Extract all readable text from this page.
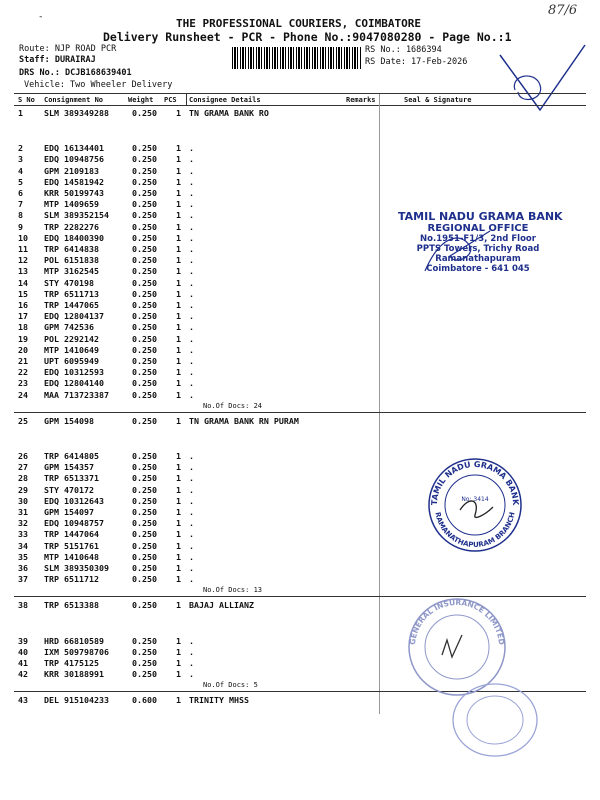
-	THE PROFESSIONAL COURIERS, COIMBATORE
Delivery Runsheet - PCR - Phone No.:9047080280 - Page No.:1
Route: NJP ROAD PCR
Staff: DURAIRAJ
DRS No.: DCJB168639401
Vehicle: Two Wheeler Delivery
RS No.: 1686394
RS Date: 17-Feb-2026
87/6
S No Consignment No	Weight PCS Consignee Details	Remarks	Seal & Signature
1	SLM 389349288	0.250 1 TN GRAMA BANK RO
2	EDQ 16134401	0.250 1 .
3	EDQ 10948756	0.250 1 .
4	GPM 2109183	0.250 1 .
5	EDQ 14581942	0.250 1 .
6	KRR 50199743	0.250 1 .
7	MTP 1409659	0.250 1 .
8	SLM 389352154	0.250 1 .
9	TRP 2282276	0.250 1 .
10 EDQ 18400390	0.250 1 .
11 TRP 6414838	0.250 1 .
12 POL 6151838	0.250 1 .
13 MTP 3162545	0.250 1 .
14 STY 470198	0.250 1 .
15 TRP 6511713	0.250 1 .
16 TRP 1447065	0.250 1 .
17 EDQ 12804137	0.250 1 .
18 GPM 742536	0.250 1 .
19 POL 2292142	0.250 1 .
20 MTP 1410649	0.250 1 .
21 UPT 6095949	0.250 1 .
22 EDQ 10312593	0.250 1 .
23 EDQ 12804140	0.250 1 .
24 MAA 713723387	0.250 1 .
No.Of Docs: 24
25 GPM 154098	0.250 1 TN GRAMA BANK RN PURAM
26 TRP 6414805	0.250 1 .
27 GPM 154357	0.250 1 .
28 TRP 6513371	0.250 1 .
29 STY 470172	0.250 1 .
30 EDQ 10312643	0.250 1 .
31 GPM 154097	0.250 1 .
32 EDQ 10948757	0.250 1 .
33 TRP 1447064	0.250 1 .
34 TRP 5151761	0.250 1 .
35 MTP 1410648	0.250 1 .
36 SLM 389350309	0.250 1 .
37 TRP 6511712	0.250 1 .
No.Of Docs: 13
38 TRP 6513388	0.250 1 BAJAJ ALLIANZ
39 HRD 66810589	0.250 1 .
40 IXM 509798706	0.250 1 .
41 TRP 4175125	0.250 1 .
42 KRR 30188991	0.250 1 .
No.Of Docs: 5
43 DEL 915104233	0.600 1 TRINITY MHSS
TAMIL NADU GRAMA BANK
REGIONAL OFFICE
No.1951-F1/3, 2nd Floor
PPTS Towers, Trichy Road
Ramanathapuram
Coimbatore - 641 045
TAMIL NADU GRAMA BANK
RAMANATHAPURAM BRANCH
No: 3414
GENERAL INSURANCE LIMITED
